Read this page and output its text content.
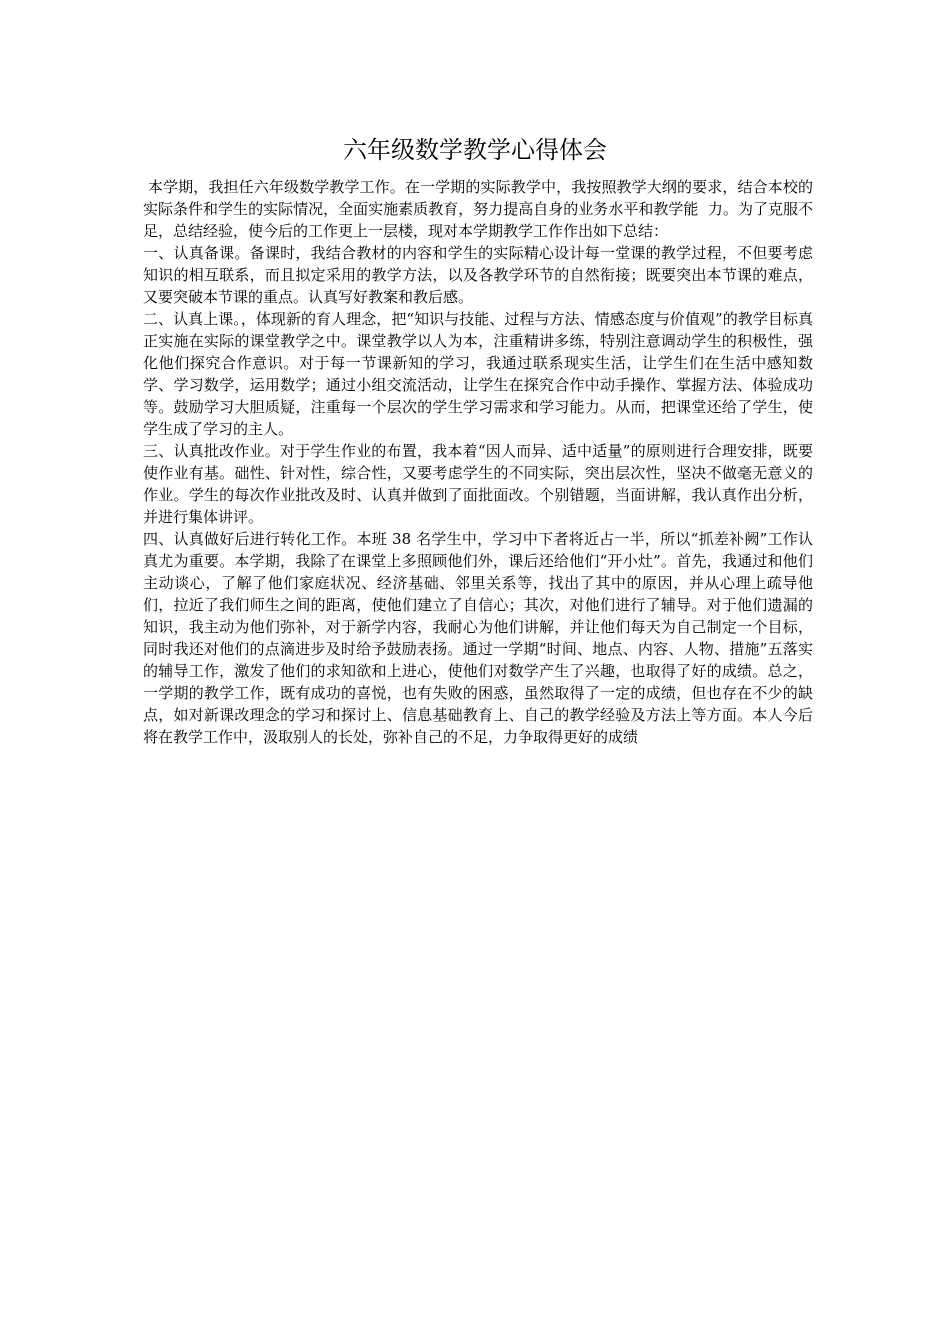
六年级数学教学心得体会

本学期，我担任六年级数学教学工作。在一学期的实际教学中，我按照教学大纲的要求，结合本校的实际条件和学生的实际情况，全面实施素质教育，努力提高自身的业务水平和教学能  力。为了克服不足，总结经验，使今后的工作更上一层楼，现对本学期教学工作作出如下总结：

一、认真备课。备课时，我结合教材的内容和学生的实际精心设计每一堂课的教学过程，不但要考虑知识的相互联系，而且拟定采用的教学方法，以及各教学环节的自然衔接；既要突出本节课的难点，又要突破本节课的重点。认真写好教案和教后感。

二、认真上课。，体现新的育人理念，把“知识与技能、过程与方法、情感态度与价值观”的教学目标真正实施在实际的课堂教学之中。课堂教学以人为本，注重精讲多练，特别注意调动学生的积极性，强化他们探究合作意识。对于每一节课新知的学习，我通过联系现实生活，让学生们在生活中感知数学、学习数学，运用数学；通过小组交流活动，让学生在探究合作中动手操作、掌握方法、体验成功等。鼓励学习大胆质疑，注重每一个层次的学生学习需求和学习能力。从而，把课堂还给了学生，使学生成了学习的主人。

三、认真批改作业。对于学生作业的布置，我本着“因人而异、适中适量”的原则进行合理安排，既要使作业有基。础性、针对性，综合性，又要考虑学生的不同实际，突出层次性，坚决不做毫无意义的作业。学生的每次作业批改及时、认真并做到了面批面改。个别错题，当面讲解，我认真作出分析，并进行集体讲评。

四、认真做好后进行转化工作。本班 38 名学生中，学习中下者将近占一半，所以“抓差补阙”工作认真尤为重要。本学期，我除了在课堂上多照顾他们外，课后还给他们“开小灶”。首先，我通过和他们主动谈心，了解了他们家庭状况、经济基础、邻里关系等，找出了其中的原因，并从心理上疏导他们，拉近了我们师生之间的距离，使他们建立了自信心；其次，对他们进行了辅导。对于他们遗漏的知识，我主动为他们弥补，对于新学内容，我耐心为他们讲解，并让他们每天为自己制定一个目标，同时我还对他们的点滴进步及时给予鼓励表扬。通过一学期“时间、地点、内容、人物、措施”五落实的辅导工作，激发了他们的求知欲和上进心，使他们对数学产生了兴趣，也取得了好的成绩。总之，一学期的教学工作，既有成功的喜悦，也有失败的困惑，虽然取得了一定的成绩，但也存在不少的缺点，如对新课改理念的学习和探讨上、信息基础教育上、自己的教学经验及方法上等方面。本人今后将在教学工作中，汲取别人的长处，弥补自己的不足，力争取得更好的成绩
